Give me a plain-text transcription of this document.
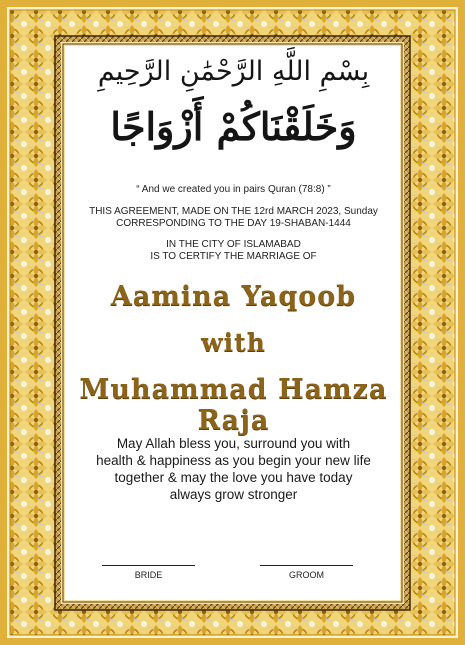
بِسْمِ اللَّهِ الرَّحْمَٰنِ الرَّحِيمِ
وَخَلَقْنَاكُمْ أَزْوَاجًا
“ And we created you in pairs Quran (78:8) ”
THIS AGREEMENT, MADE ON THE 12rd MARCH 2023, Sunday
CORRESPONDING TO THE DAY 19-SHABAN-1444
IN THE CITY OF ISLAMABAD
IS TO CERTIFY THE MARRIAGE OF
Aamina Yaqoob
with
Muhammad Hamza Raja
May Allah bless you, surround you with
health & happiness as you begin your new life
together & may the love you have today
always grow stronger
BRIDE	GROOM
